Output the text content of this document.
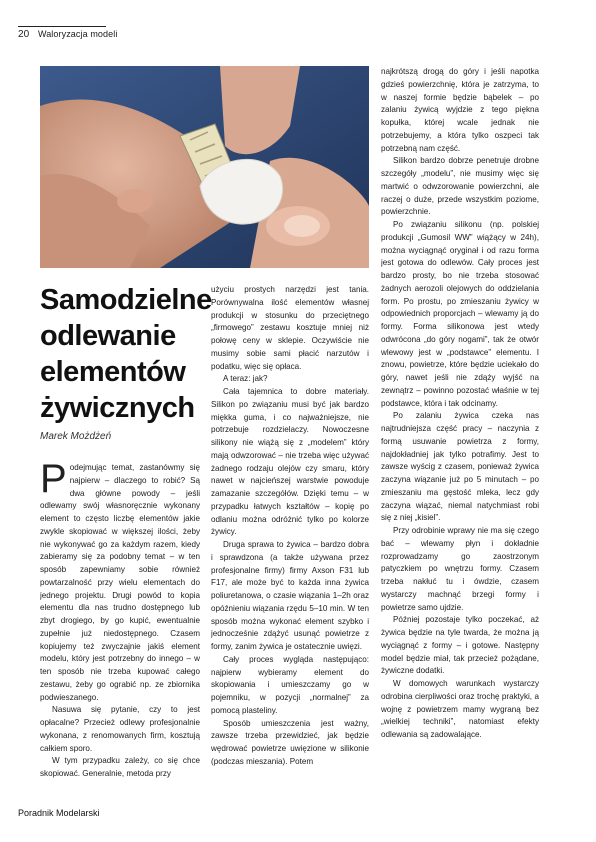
20 Waloryzacja modeli
Samodzielne odlewanie elementów żywicznych
Marek Możdżeń

Podejmując temat, zastanówmy się najpierw – dlaczego to robić? Są dwa główne powody – jeśli odlewamy swój własnoręcznie wykonany element to często liczbę elementów jakie zwykle skopiować w większej ilości, żeby nie wykonywać go za każdym razem, kiedy zabieramy się za podobny temat – w ten sposób zapewniamy sobie również powtarzalność przy wielu elementach do jednego projektu. Drugi powód to kopia elementu dla nas trudno dostępnego lub zbyt drogiego, by go kupić, ewentualnie zupełnie już niedostępnego. Czasem kopiujemy też zwyczajnie jakiś element modelu, który jest potrzebny do innego – w ten sposób nie trzeba kupować całego zestawu, żeby go ograbić np. ze zbiornika podwieszanego.

Nasuwa się pytanie, czy to jest opłacalne? Przecież odlewy profesjonalnie wykonana, z renomowanych firm, kosztują całkiem sporo.

W tym przypadku zależy, co się chce skopiować. Generalnie, metoda przy

użyciu prostych narzędzi jest tania. Porównywalna ilość elementów własnej produkcji w stosunku do przeciętnego „firmowego” zestawu kosztuje mniej niż połowę ceny w sklepie. Oczywiście nie musimy sobie sami płacić narzutów i podatku, więc się opłaca.

A teraz: jak?

Cała tajemnica to dobre materiały. Silikon po związaniu musi być jak bardzo miękka guma, i co najważniejsze, nie potrzebuje rozdzielaczy. Nowoczesne silikony nie wiążą się z „modelem” który mają odwzorować – nie trzeba więc używać żadnego rodzaju olejów czy smaru, który nawet w najcieńszej warstwie powoduje zamazanie szczegółów. Dzięki temu – w przypadku łatwych kształtów – kopię po odlaniu można odróżnić tylko po kolorze żywicy.

Druga sprawa to żywica – bardzo dobra i sprawdzona (a także używana przez profesjonalne firmy) firmy Axson F31 lub F17, ale może być to każda inna żywica poliuretanowa, o czasie wiązania 1–2h oraz opóźnieniu wiązania rzędu 5–10 min. W ten sposób można wykonać element szybko i jednocześnie zdążyć usunąć powietrze z formy, zanim żywica je ostatecznie uwięzi.

Cały proces wygląda następująco: najpierw wybieramy element do skopiowania i umieszczamy go w pojemniku, w pozycji „normalnej” za pomocą plasteliny.

Sposób umieszczenia jest ważny, zawsze trzeba przewidzieć, jak będzie wędrować powietrze uwięzione w silikonie (podczas mieszania). Potem

najkrótszą drogą do góry i jeśli napotka gdzieś powierzchnię, która je zatrzyma, to w naszej formie będzie bąbelek – po zalaniu żywicą wyjdzie z tego piękna kopułka, której wcale jednak nie potrzebujemy, a która tylko oszpeci tak potrzebną nam część.

Silikon bardzo dobrze penetruje drobne szczegóły „modelu”, nie musimy więc się martwić o odwzorowanie powierzchni, ale raczej o duże, przede wszystkim poziome, powierzchnie.

Po związaniu silikonu (np. polskiej produkcji „Gumosil WW” wiążący w 24h), można wyciągnąć oryginał i od razu forma jest gotowa do odlewów. Cały proces jest bardzo prosty, bo nie trzeba stosować żadnych aerozoli olejowych do oddzielania form. Po prostu, po zmieszaniu żywicy w odpowiednich proporcjach – wlewamy ją do formy. Forma silikonowa jest wtedy odwrócona „do góry nogami”, tak że otwór wlewowy jest w „podstawce” elementu. I znowu, powietrze, które będzie uciekało do góry, nawet jeśli nie zdąży wyjść na zewnątrz – powinno pozostać właśnie w tej podstawce, która i tak odcinamy.

Po zalaniu żywica czeka nas najtrudniejsza część pracy – naczynia z formą usuwanie powietrza z formy, najdokładniej jak tylko potrafimy. Jest to zawsze wyścig z czasem, ponieważ żywica zaczyna wiązanie już po 5 minutach – po zmieszaniu ma gęstość mleka, lecz gdy zaczyna wiązać, niemal natychmiast robi się z niej „kisiel”.

Przy odrobinie wprawy nie ma się czego bać – wlewamy płyn i dokładnie rozprowadzamy go zaostrzonym patyczkiem po wnętrzu formy. Czasem trzeba nakłuć tu i ówdzie, czasem wystarczy machnąć brzegi formy i powietrze samo ujdzie.

Później pozostaje tylko poczekać, aż żywica będzie na tyle twarda, że można ją wyciągnąć z formy – i gotowe. Następny model będzie miał, tak przecież pożądane, żywiczne dodatki.

W domowych warunkach wystarczy odrobina cierpliwości oraz trochę praktyki, a wojnę z powietrzem mamy wygraną bez „wielkiej techniki”, natomiast efekty odlewania są zadowalające.

Poradnik Modelarski
